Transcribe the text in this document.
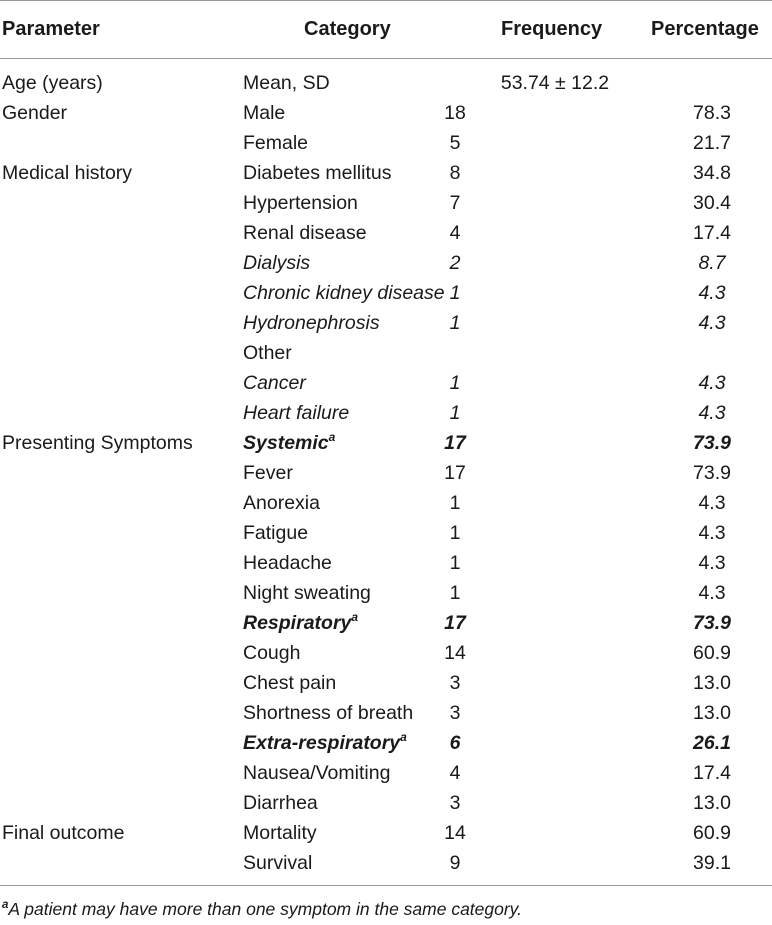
Parameter	Category	Frequency Percentage
Age (years)	Mean, SD	53.74 ± 12.2
Gender	Male	18	78.3
Female	5	21.7
Medical history	Diabetes mellitus	8	34.8
Hypertension	7	30.4
Renal disease	4	17.4
Dialysis	2	8.7
Chronic kidney disease 1	4.3
Hydronephrosis	1	4.3
Other
Cancer	1	4.3
Heart failure	1	4.3
Presenting Symptoms	Systemic$^a$	17	73.9
Fever	17	73.9
Anorexia	1	4.3
Fatigue	1	4.3
Headache	1	4.3
Night sweating	1	4.3
Respiratory$^a$	17	73.9
Cough	14	60.9
Chest pain	3	13.0
Shortness of breath	3	13.0
Extra-respiratory$^a$	6	26.1
Nausea/Vomiting	4	17.4
Diarrhea	3	13.0
Final outcome	Mortality	14	60.9
Survival	9	39.1
$^a$A patient may have more than one symptom in the same category.
